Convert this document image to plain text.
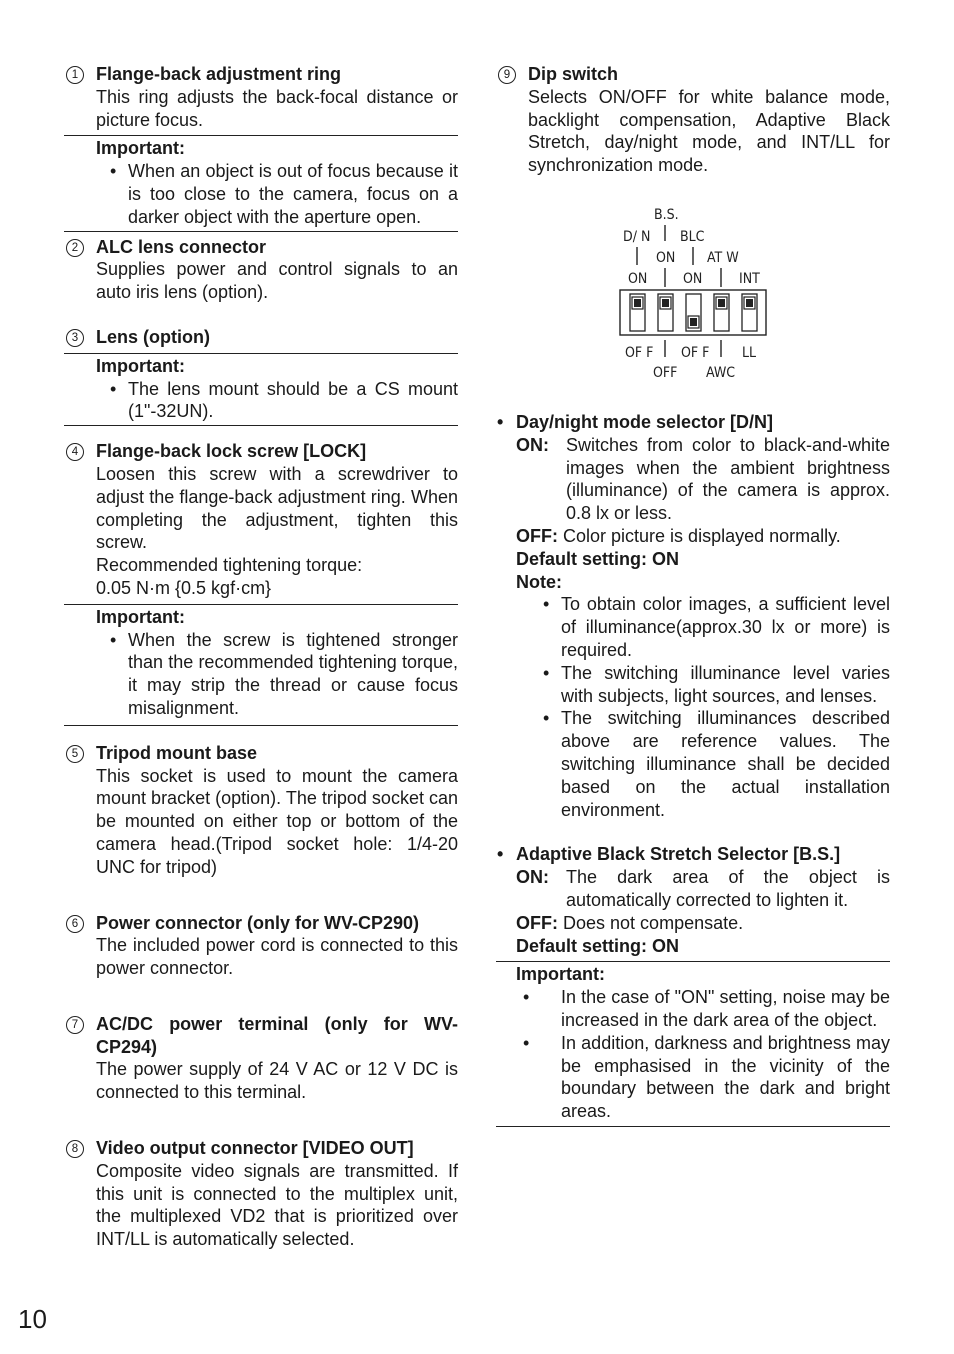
1 Flange-back adjustment ring
This ring adjusts the back-focal distance or picture focus.
Important:
• When an object is out of focus because it is too close to the camera, focus on a darker object with the aperture open.
2 ALC lens connector
Supplies power and control signals to an auto iris lens (option).
3 Lens (option)
Important:
• The lens mount should be a CS mount (1"-32UN).
4 Flange-back lock screw [LOCK]
Loosen this screw with a screwdriver to adjust the flange-back adjustment ring. When completing the adjustment, tighten this screw.
Recommended tightening torque:
0.05 N·m {0.5 kgf·cm}
Important:
• When the screw is tightened stronger than the recommended tightening torque, it may strip the thread or cause focus misalignment.
5 Tripod mount base
This socket is used to mount the camera mount bracket (option). The tripod socket can be mounted on either top or bottom of the camera head.(Tripod socket hole: 1/4-20 UNC for tripod)
6 Power connector (only for WV-CP290)
The included power cord is connected to this power connector.
7 AC/DC power terminal (only for WV-CP294)
The power supply of 24 V AC or 12 V DC is connected to this terminal.
8 Video output connector [VIDEO OUT]
Composite video signals are transmitted. If this unit is connected to the multiplex unit, the multiplexed VD2 that is prioritized over INT/LL is automatically selected.
9 Dip switch
Selects ON/OFF for white balance mode, backlight compensation, Adaptive Black Stretch, day/night mode, and INT/LL for synchronization mode.
• Day/night mode selector [D/N]
ON: Switches from color to black-and-white images when the ambient brightness (illuminance) of the camera is approx. 0.8 lx or less.
OFF: Color picture is displayed normally.
Default setting: ON
Note:
• To obtain color images, a sufficient level of illuminance(approx.30 lx or more) is required.
• The switching illuminance level varies with subjects, light sources, and lenses.
• The switching illuminances described above are reference values. The switching illuminance shall be decided based on the actual installation environment.
• Adaptive Black Stretch Selector [B.S.]
ON: The dark area of the object is automatically corrected to lighten it.
OFF: Does not compensate.
Default setting: ON
Important:
• In the case of "ON" setting, noise may be increased in the dark area of the object.
• In addition, darkness and brightness may be emphasised in the vicinity of the boundary between the dark and bright areas.
B.S.
D/ N BLC
ON AT W
ON	ON	INT
OF F OF F LL
OFF AWC
10
